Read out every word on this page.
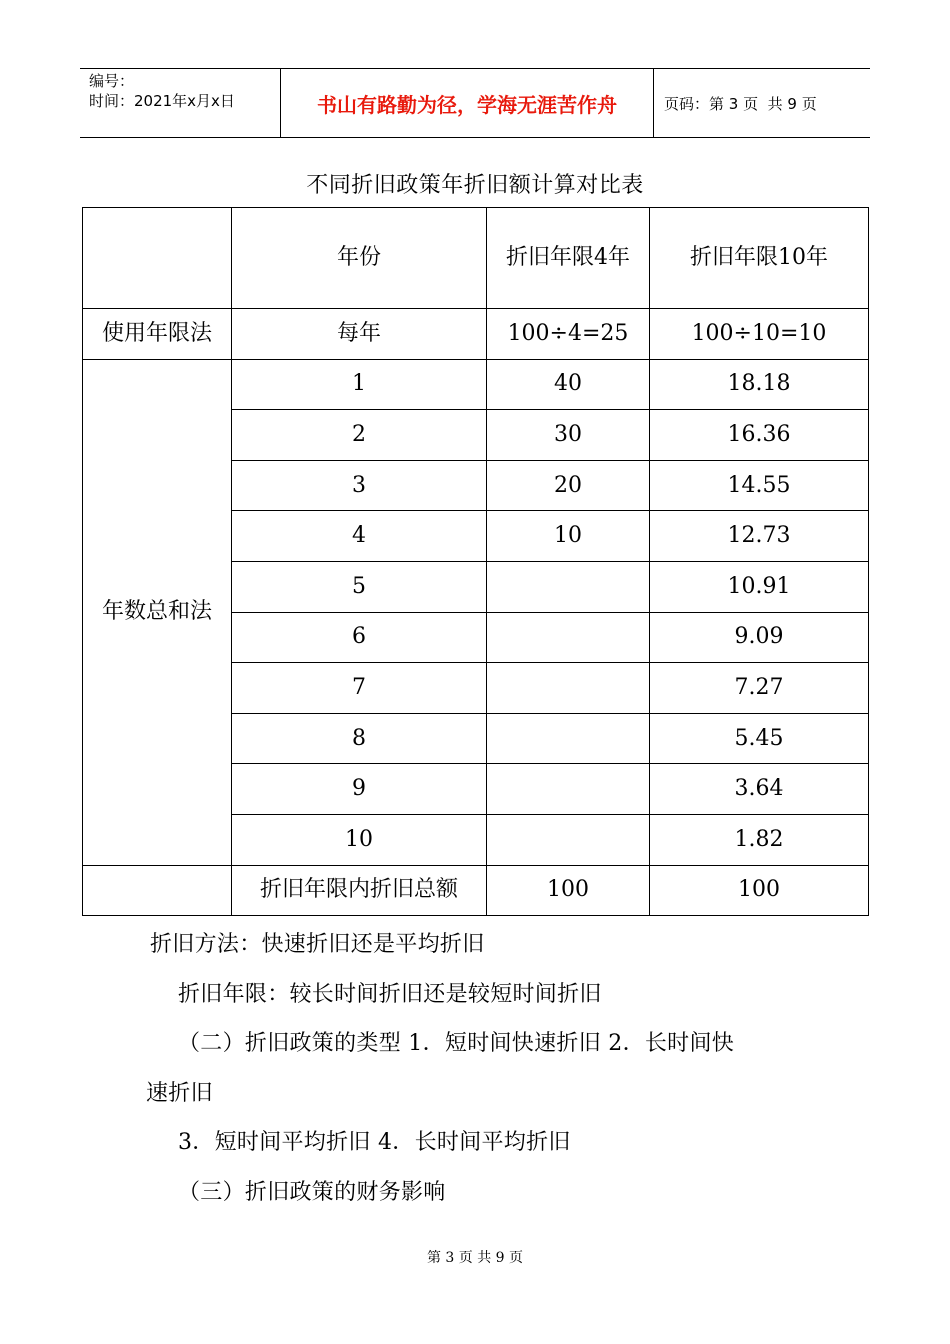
编号：
时间：2021年x月x日	书山有路勤为径，学海无涯苦作舟	页码：第 3 页  共 9 页
不同折旧政策年折旧额计算对比表
	年份	折旧年限4年	折旧年限10年
使用年限法	每年	100÷4=25	100÷10=10
年数总和法	1	40	18.18
	2	30	16.36
	3	20	14.55
	4	10	12.73
	5		10.91
	6		9.09
	7		7.27
	8		5.45
	9		3.64
	10		1.82
	折旧年限内折旧总额	100	100
折旧方法：快速折旧还是平均折旧
折旧年限：较长时间折旧还是较短时间折旧
（二）折旧政策的类型 1．短时间快速折旧 2．长时间快
速折旧
3．短时间平均折旧 4．长时间平均折旧
（三）折旧政策的财务影响
第 3 页 共 9 页
